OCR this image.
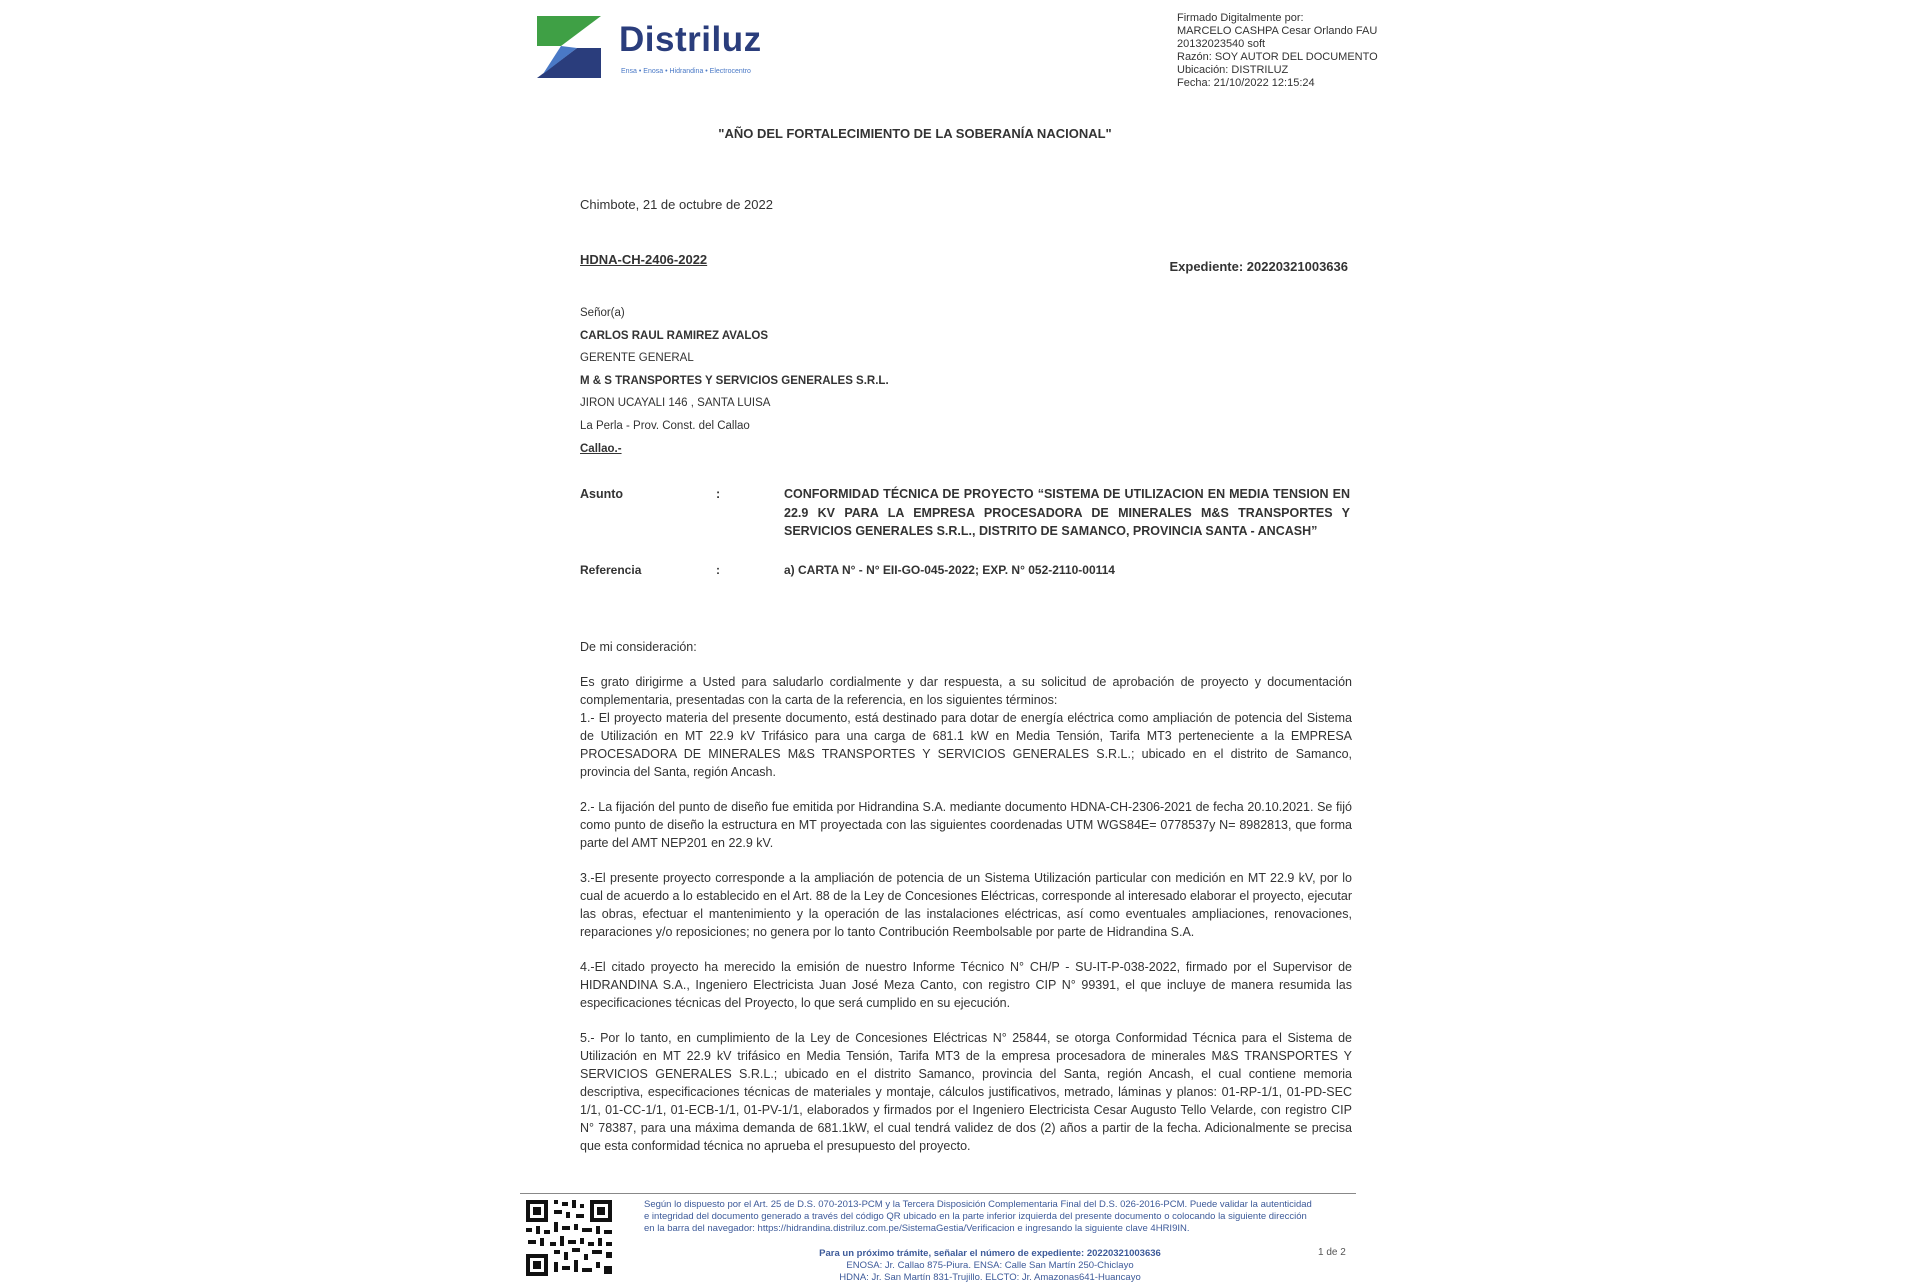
Distriluz
Ensa • Enosa • Hidrandina • Electrocentro
Firmado Digitalmente por:
MARCELO CASHPA Cesar Orlando FAU
20132023540 soft
Razón: SOY AUTOR DEL DOCUMENTO
Ubicación: DISTRILUZ
Fecha: 21/10/2022 12:15:24
"AÑO DEL FORTALECIMIENTO DE LA SOBERANÍA NACIONAL"
Chimbote, 21 de octubre de 2022
HDNA-CH-2406-2022	Expediente: 20220321003636
Señor(a)
CARLOS RAUL RAMIREZ AVALOS
GERENTE GENERAL
M & S TRANSPORTES Y SERVICIOS GENERALES S.R.L.
JIRON UCAYALI 146 , SANTA LUISA
La Perla - Prov. Const. del Callao
Callao.-
Asunto	:	CONFORMIDAD TÉCNICA DE PROYECTO “SISTEMA DE UTILIZACION EN MEDIA TENSION EN 22.9 KV PARA LA EMPRESA PROCESADORA DE MINERALES M&S TRANSPORTES Y SERVICIOS GENERALES S.R.L., DISTRITO DE SAMANCO, PROVINCIA SANTA - ANCASH”
Referencia	:	a) CARTA N° - N° EII-GO-045-2022; EXP. N° 052-2110-00114

De mi consideración:

Es grato dirigirme a Usted para saludarlo cordialmente y dar respuesta, a su solicitud de aprobación de proyecto y documentación complementaria, presentadas con la carta de la referencia, en los siguientes términos:

1.- El proyecto materia del presente documento, está destinado para dotar de energía eléctrica como ampliación de potencia del Sistema de Utilización en MT 22.9 kV Trifásico para una carga de 681.1 kW en Media Tensión, Tarifa MT3 perteneciente a la EMPRESA PROCESADORA DE MINERALES M&S TRANSPORTES Y SERVICIOS GENERALES S.R.L.; ubicado en el distrito de Samanco, provincia del Santa, región Ancash.

2.- La fijación del punto de diseño fue emitida por Hidrandina S.A. mediante documento HDNA-CH-2306-2021 de fecha 20.10.2021. Se fijó como punto de diseño la estructura en MT proyectada con las siguientes coordenadas UTM WGS84E= 0778537y N= 8982813, que forma parte del AMT NEP201 en 22.9 kV.

3.-El presente proyecto corresponde a la ampliación de potencia de un Sistema Utilización particular con medición en MT 22.9 kV, por lo cual de acuerdo a lo establecido en el Art. 88 de la Ley de Concesiones Eléctricas, corresponde al interesado elaborar el proyecto, ejecutar las obras, efectuar el mantenimiento y la operación de las instalaciones eléctricas, así como eventuales ampliaciones, renovaciones, reparaciones y/o reposiciones; no genera por lo tanto Contribución Reembolsable por parte de Hidrandina S.A.

4.-El citado proyecto ha merecido la emisión de nuestro Informe Técnico N° CH/P - SU-IT-P-038-2022, firmado por el Supervisor de HIDRANDINA S.A., Ingeniero Electricista Juan José Meza Canto, con registro CIP N° 99391, el que incluye de manera resumida las especificaciones técnicas del Proyecto, lo que será cumplido en su ejecución.

5.- Por lo tanto, en cumplimiento de la Ley de Concesiones Eléctricas N° 25844, se otorga Conformidad Técnica para el Sistema de Utilización en MT 22.9 kV trifásico en Media Tensión, Tarifa MT3 de la empresa procesadora de minerales M&S TRANSPORTES Y SERVICIOS GENERALES S.R.L.; ubicado en el distrito Samanco, provincia del Santa, región Ancash, el cual contiene memoria descriptiva, especificaciones técnicas de materiales y montaje, cálculos justificativos, metrado, láminas y planos: 01-RP-1/1, 01-PD-SEC 1/1, 01-CC-1/1, 01-ECB-1/1, 01-PV-1/1, elaborados y firmados por el Ingeniero Electricista Cesar Augusto Tello Velarde, con registro CIP N° 78387, para una máxima demanda de 681.1kW, el cual tendrá validez de dos (2) años a partir de la fecha. Adicionalmente se precisa que esta conformidad técnica no aprueba el presupuesto del proyecto.

Según lo dispuesto por el Art. 25 de D.S. 070-2013-PCM y la Tercera Disposición Complementaria Final del D.S. 026-2016-PCM. Puede validar la autenticidad e integridad del documento generado a través del código QR ubicado en la parte inferior izquierda del presente documento o colocando la siguiente dirección en la barra del navegador: https://hidrandina.distriluz.com.pe/SistemaGestia/Verificacion e ingresando la siguiente clave 4HRI9IN.
Para un próximo trámite, señalar el número de expediente: 20220321003636
ENOSA: Jr. Callao 875-Piura. ENSA: Calle San Martín 250-Chiclayo
HDNA: Jr. San Martín 831-Trujillo. ELCTO: Jr. Amazonas641-Huancayo
1 de 2
